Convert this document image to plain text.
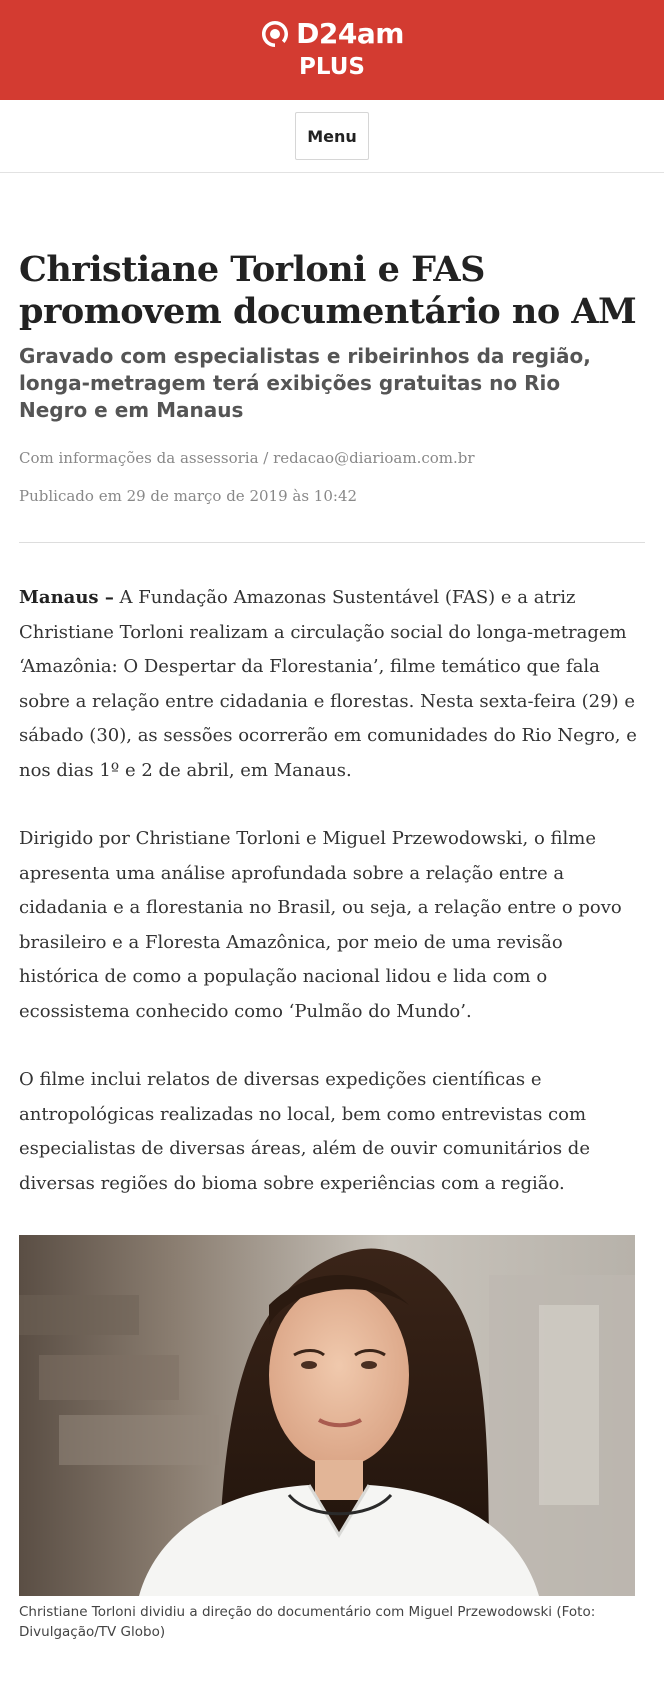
D24am
PLUS
Menu
Christiane Torloni e FAS promovem documentário no AM
Gravado com especialistas e ribeirinhos da região, longa-metragem terá exibições gratuitas no Rio Negro e em Manaus
Com informações da assessoria / redacao@diarioam.com.br
Publicado em 29 de março de 2019 às 10:42

Manaus – A Fundação Amazonas Sustentável (FAS) e a atriz Christiane Torloni realizam a circulação social do longa-metragem ‘Amazônia: O Despertar da Florestania’, filme temático que fala sobre a relação entre cidadania e florestas. Nesta sexta-feira (29) e sábado (30), as sessões ocorrerão em comunidades do Rio Negro, e nos dias 1º e 2 de abril, em Manaus.

Dirigido por Christiane Torloni e Miguel Przewodowski, o filme apresenta uma análise aprofundada sobre a relação entre a cidadania e a florestania no Brasil, ou seja, a relação entre o povo brasileiro e a Floresta Amazônica, por meio de uma revisão histórica de como a população nacional lidou e lida com o ecossistema conhecido como ‘Pulmão do Mundo’.

O filme inclui relatos de diversas expedições científicas e antropológicas realizadas no local, bem como entrevistas com especialistas de diversas áreas, além de ouvir comunitários de diversas regiões do bioma sobre experiências com a região.

Christiane Torloni dividiu a direção do documentário com Miguel Przewodowski (Foto: Divulgação/TV Globo)
